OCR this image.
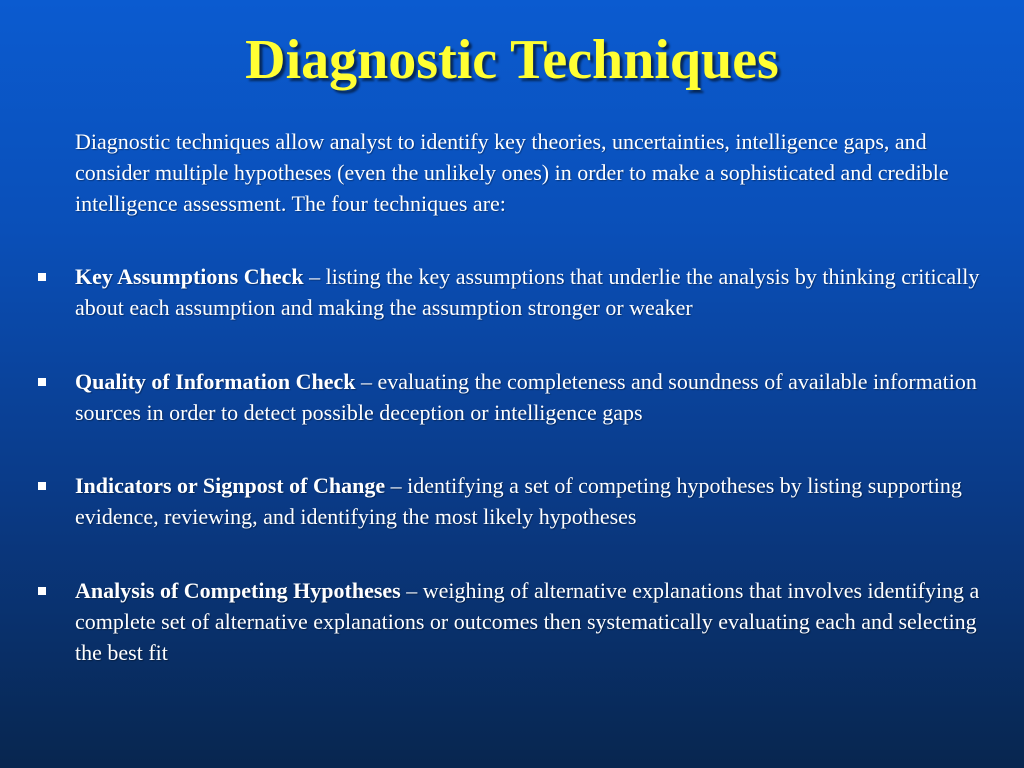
Diagnostic Techniques

Diagnostic techniques allow analyst to identify key theories, uncertainties, intelligence gaps, and consider multiple hypotheses (even the unlikely ones) in order to make a sophisticated and credible intelligence assessment. The four techniques are:

Key Assumptions Check – listing the key assumptions that underlie the analysis by thinking critically about each assumption and making the assumption stronger or weaker

Quality of Information Check – evaluating the completeness and soundness of available information sources in order to detect possible deception or intelligence gaps

Indicators or Signpost of Change – identifying a set of competing hypotheses by listing supporting evidence, reviewing, and identifying the most likely hypotheses

Analysis of Competing Hypotheses – weighing of alternative explanations that involves identifying a complete set of alternative explanations or outcomes then systematically evaluating each and selecting the best fit
